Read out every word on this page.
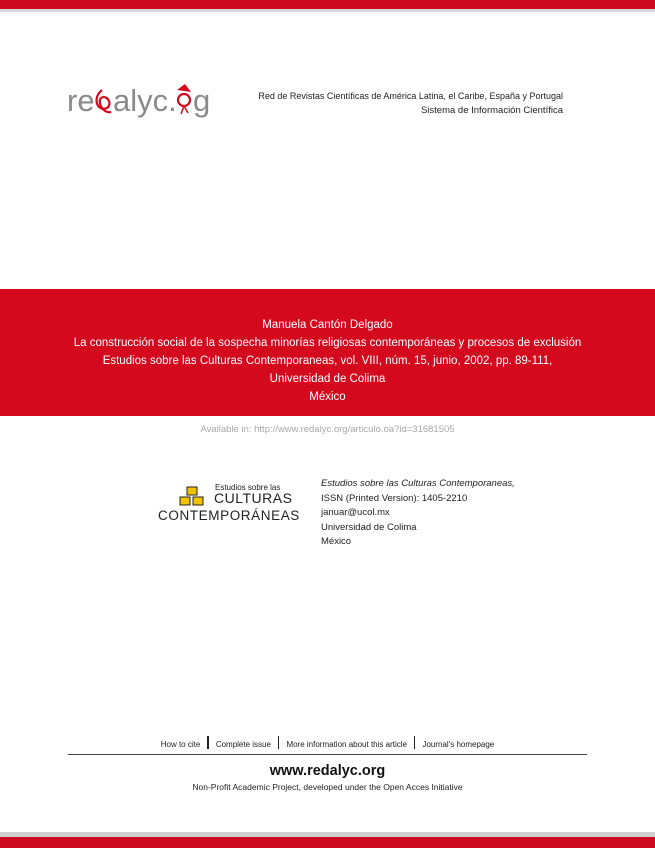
re alyc. g	Red de Revistas Científicas de América Latina, el Caribe, España y Portugal
Sistema de Información Científica
Manuela Cantón Delgado
La construcción social de la sospecha minorías religiosas contemporáneas y procesos de exclusión
Estudios sobre las Culturas Contemporaneas, vol. VIII, núm. 15, junio, 2002, pp. 89-111,
Universidad de Colima
México
Available in: http://www.redalyc.org/articulo.oa?id=31681505
Estudios sobre las
CULTURAS
CONTEMPORÁNEAS
Estudios sobre las Culturas Contemporaneas,
ISSN (Printed Version): 1405-2210
januar@ucol.mx
Universidad de Colima
México
How to cite Complete issue More information about this article Journal's homepage
www.redalyc.org
Non-Profit Academic Project, developed under the Open Acces Initiative
